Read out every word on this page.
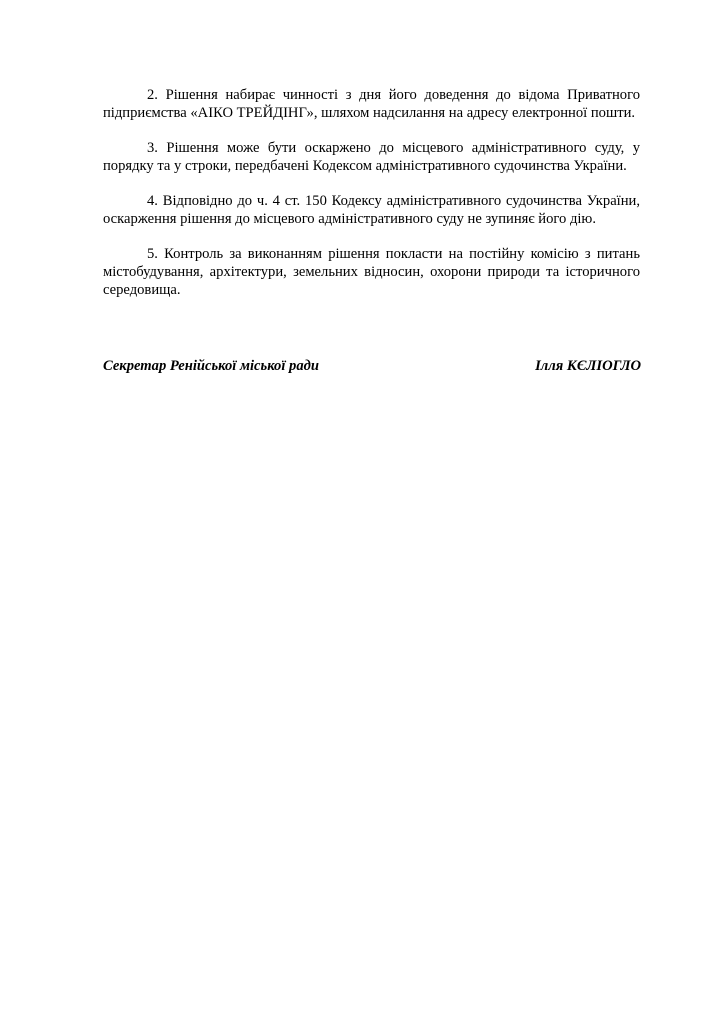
2. Рішення набирає чинності з дня його доведення до відома Приватного підприємства «АІКО ТРЕЙДІНГ», шляхом надсилання на адресу електронної пошти.

3. Рішення може бути оскаржено до місцевого адміністративного суду, у порядку та у строки, передбачені Кодексом адміністративного судочинства України.

4. Відповідно до ч. 4 ст. 150 Кодексу адміністративного судочинства України, оскарження рішення до місцевого адміністративного суду не зупиняє його дію.

5. Контроль за виконанням рішення покласти на постійну комісію з питань містобудування, архітектури, земельних відносин, охорони природи та історичного середовища.

Секретар Ренійської міської ради	Ілля КЄЛІОГЛО
